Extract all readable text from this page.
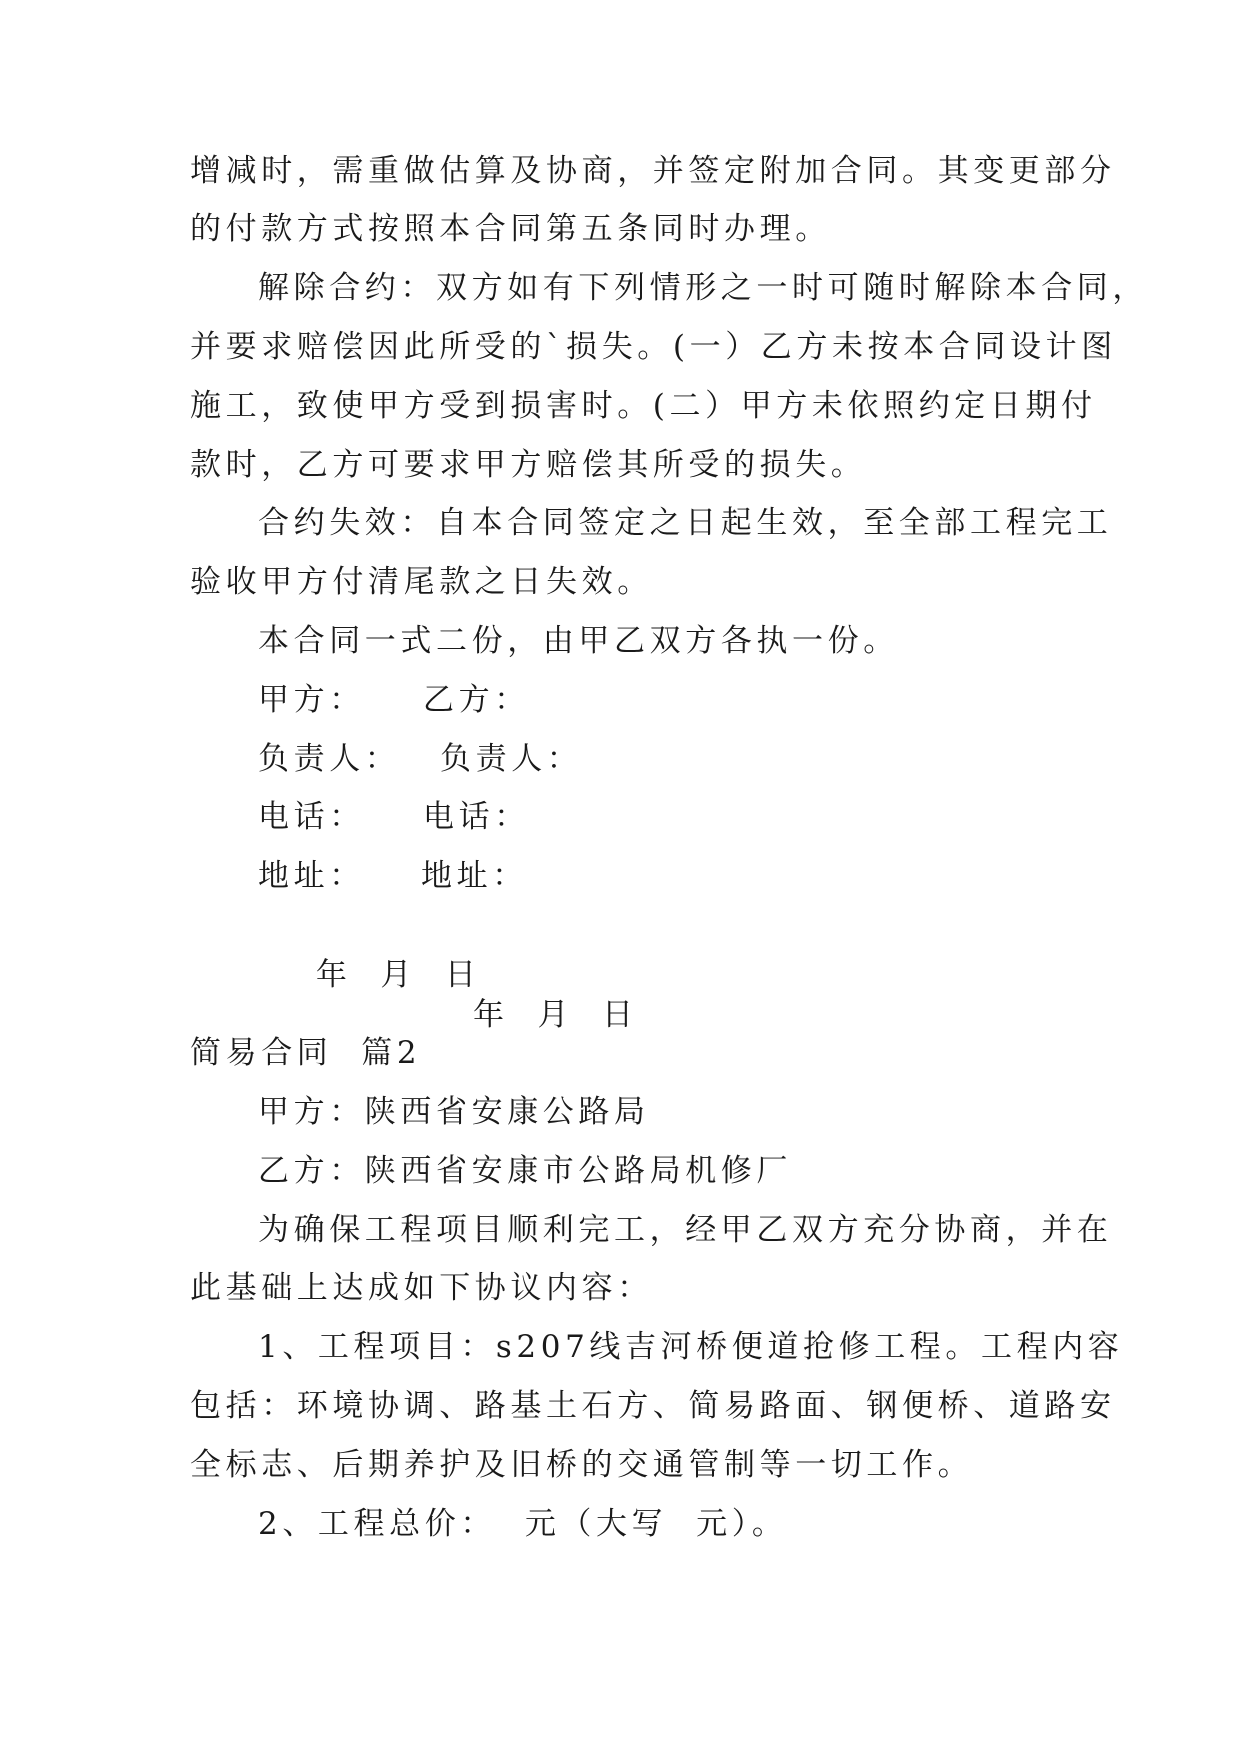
增减时，需重做估算及协商，并签定附加合同。其变更部分
的付款方式按照本合同第五条同时办理。
解除合约：双方如有下列情形之一时可随时解除本合同，
并要求赔偿因此所受的`损失。(一）乙方未按本合同设计图
施工，致使甲方受到损害时。(二）甲方未依照约定日期付
款时，乙方可要求甲方赔偿其所受的损失。
合约失效：自本合同签定之日起生效，至全部工程完工
验收甲方付清尾款之日失效。
本合同一式二份，由甲乙双方各执一份。
甲方： 乙方：
负责人： 负责人：
电话： 电话：
地址： 地址：

年  月  日

年  月  日

简易合同  篇2
甲方：陕西省安康公路局
乙方：陕西省安康市公路局机修厂
为确保工程项目顺利完工，经甲乙双方充分协商，并在
此基础上达成如下协议内容：
1、工程项目：s207线吉河桥便道抢修工程。工程内容
包括：环境协调、路基土石方、简易路面、钢便桥、道路安
全标志、后期养护及旧桥的交通管制等一切工作。
2、工程总价：  元（大写  元）。
